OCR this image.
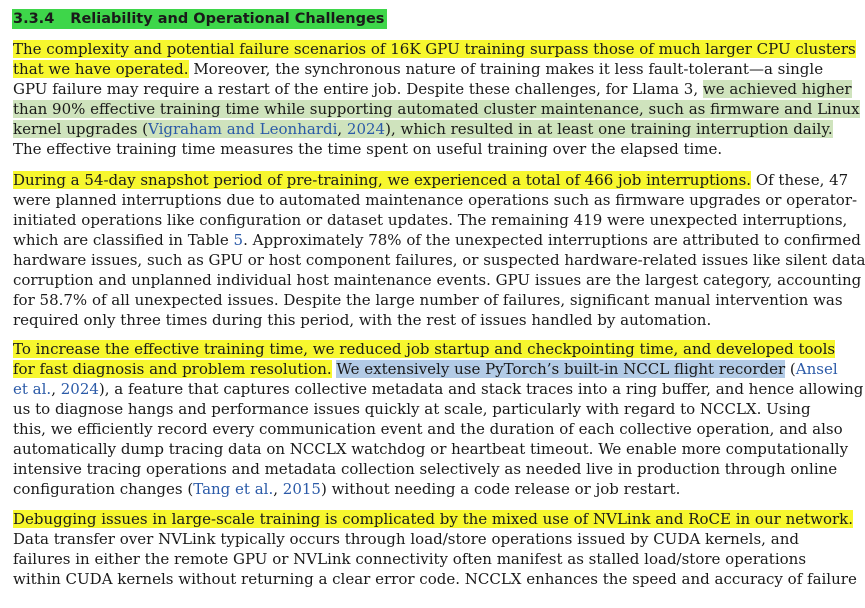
3.3.4 Reliability and Operational Challenges
The complexity and potential failure scenarios of 16K GPU training surpass those of much larger CPU clusters
that we have operated. Moreover, the synchronous nature of training makes it less fault-tolerant—a single
GPU failure may require a restart of the entire job. Despite these challenges, for Llama 3, we achieved higher
than 90% effective training time while supporting automated cluster maintenance, such as firmware and Linux
kernel upgrades (Vigraham and Leonhardi, 2024), which resulted in at least one training interruption daily.
The effective training time measures the time spent on useful training over the elapsed time.
During a 54-day snapshot period of pre-training, we experienced a total of 466 job interruptions. Of these, 47
were planned interruptions due to automated maintenance operations such as firmware upgrades or operator-
initiated operations like configuration or dataset updates. The remaining 419 were unexpected interruptions,
which are classified in Table 5. Approximately 78% of the unexpected interruptions are attributed to confirmed
hardware issues, such as GPU or host component failures, or suspected hardware-related issues like silent data
corruption and unplanned individual host maintenance events. GPU issues are the largest category, accounting
for 58.7% of all unexpected issues. Despite the large number of failures, significant manual intervention was
required only three times during this period, with the rest of issues handled by automation.
To increase the effective training time, we reduced job startup and checkpointing time, and developed tools
for fast diagnosis and problem resolution. We extensively use PyTorch’s built-in NCCL flight recorder (Ansel
et al., 2024), a feature that captures collective metadata and stack traces into a ring buffer, and hence allowing
us to diagnose hangs and performance issues quickly at scale, particularly with regard to NCCLX. Using
this, we efficiently record every communication event and the duration of each collective operation, and also
automatically dump tracing data on NCCLX watchdog or heartbeat timeout. We enable more computationally
intensive tracing operations and metadata collection selectively as needed live in production through online
configuration changes (Tang et al., 2015) without needing a code release or job restart.
Debugging issues in large-scale training is complicated by the mixed use of NVLink and RoCE in our network.
Data transfer over NVLink typically occurs through load/store operations issued by CUDA kernels, and
failures in either the remote GPU or NVLink connectivity often manifest as stalled load/store operations
within CUDA kernels without returning a clear error code. NCCLX enhances the speed and accuracy of failure
